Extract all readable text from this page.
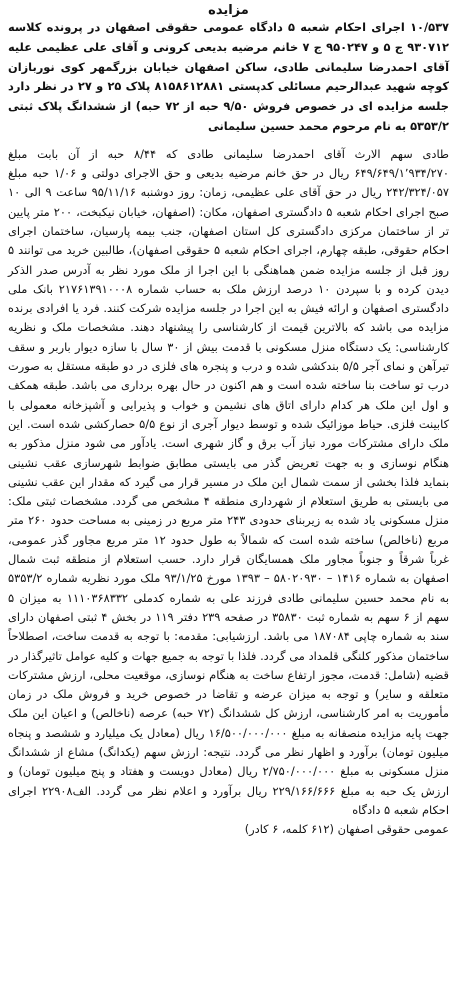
مزایده

۱۰/۵۳۷ اجرای احکام شعبه ۵ دادگاه عمومی حقوقی اصفهان در پرونده کلاسه ۹۳۰۷۱۲ ج ۵ و ۹۵۰۲۴۷ ج ۷ خانم مرضیه بدیعی کرونی و آقای علی عظیمی علیه آقای احمدرضا سلیمانی طادی، ساکن اصفهان خیابان بزرگمهر کوی نوربازان کوچه شهید عبدالرحیم مسائلی کدپستی ۸۱۵۸۶۱۲۸۸۱ پلاک ۲۵ و ۲۷ در نظر دارد جلسه مزایده ای در خصوص فروش ۹/۵۰ حبه از ۷۲ حبه) از ششدانگ پلاک ثبتی ۵۳۵۳/۲ به نام مرحوم محمد حسین سلیمانی

طادی سهم الارث آقای احمدرضا سلیمانی طادی که ۸/۴۴ حبه از آن بابت مبلغ ۶۴۹/۶۴۹/۱٬۹۳۴/۲۷۰ ریال در حق خانم مرضیه بدیعی و حق الاجرای دولتی و ۱/۰۶ حبه مبلغ ۲۴۲/۳۲۴/۰۵۷ ریال در حق آقای علی عظیمی، زمان: روز دوشنبه ۹۵/۱۱/۱۶ ساعت ۹ الی ۱۰ صبح اجرای احکام شعبه ۵ دادگستری اصفهان، مکان: (اصفهان، خیابان نیکبخت، ۲۰۰ متر پایین تر از ساختمان مرکزی دادگستری کل استان اصفهان، جنب بیمه پارسیان، ساختمان اجرای احکام حقوقی، طبقه چهارم، اجرای احکام شعبه ۵ حقوقی اصفهان)، طالبین خرید می توانند ۵ روز قبل از جلسه مزایده ضمن هماهنگی با این اجرا از ملک مورد نظر به آدرس صدر الذکر دیدن کرده و با سپردن ۱۰ درصد ارزش ملک به حساب شماره ۲۱۷۶۱۳۹۱۰۰۰۸ بانک ملی دادگستری اصفهان و ارائه فیش به این اجرا در جلسه مزایده شرکت کنند. فرد یا افرادی برنده مزایده می باشد که بالاترین قیمت از کارشناسی را پیشنهاد دهند. مشخصات ملک و نظریه کارشناسی: یک دستگاه منزل مسکونی با قدمت بیش از ۳۰ سال با سازه دیوار باربر و سقف تیرآهن و نمای آجر ۵/۵ بندکشی شده و درب و پنجره های فلزی در دو طبقه مستقل به صورت درب تو ساخت بنا ساخته شده است و هم اکنون در حال بهره برداری می باشد. طبقه همکف و اول این ملک هر کدام دارای اتاق های نشیمن و خواب و پذیرایی و آشپزخانه معمولی با کابینت فلزی. حیاط موزائیک شده و توسط دیوار آجری از نوع ۵/۵ حصارکشی شده است. این ملک دارای مشترکات مورد نیاز آب برق و گاز شهری است. یادآور می شود منزل مذکور به هنگام نوسازی و به جهت تعریض گذر می بایستی مطابق ضوابط شهرسازی عقب نشینی بنماید فلذا بخشی از سمت شمال این ملک در مسیر قرار می گیرد که مقدار این عقب نشینی می بایستی به طریق استعلام از شهرداری منطقه ۴ مشخص می گردد. مشخصات ثبتی ملک: منزل مسکونی یاد شده به زیربنای حدودی ۲۴۳ متر مربع در زمینی به مساحت حدود ۲۶۰ متر مربع (ناخالص) ساخته شده است که شمالاً به طول حدود ۱۲ متر مربع مجاور گذر عمومی، غرباً شرقاً و جنوباً مجاور ملک همسایگان قرار دارد. حسب استعلام از منطقه ثبت شمال اصفهان به شماره ۱۴۱۶ – ۵۸۰۲۰۹۳۰ – ۱۳۹۳ مورخ ۹۳/۱/۲۵ ملک مورد نظریه شماره ۵۳۵۳/۲ به نام محمد حسین سلیمانی طادی فرزند علی به شماره کدملی ۱۱۱۰۳۶۸۳۳۲ به میزان ۵ سهم از ۶ سهم به شماره ثبت ۳۵۸۳۰ در صفحه ۲۳۹ دفتر ۱۱۹ در بخش ۴ ثبتی اصفهان دارای سند به شماره چاپی ۱۸۷۰۸۴ می باشد. ارزشیابی: مقدمه: با توجه به قدمت ساخت، اصطلاحاً ساختمان مذکور کلنگی قلمداد می گردد. فلذا با توجه به جمیع جهات و کلیه عوامل تاثیرگذار در قضیه (شامل: قدمت، مجوز ارتفاع ساخت به هنگام نوسازی، موقعیت محلی، ارزش مشترکات متعلقه و سایر) و توجه به میزان عرضه و تقاضا در خصوص خرید و فروش ملک در زمان مأموریت به امر کارشناسی، ارزش کل ششدانگ (۷۲ حبه) عرصه (ناخالص) و اعیان این ملک جهت پایه مزایده منصفانه به مبلغ ۱۶/۵۰۰/۰۰۰/۰۰۰ ریال (معادل یک میلیارد و ششصد و پنجاه میلیون تومان) برآورد و اظهار نظر می گردد. نتیجه: ارزش سهم (یکدانگ) مشاع از ششدانگ منزل مسکونی به مبلغ ۲/۷۵۰/۰۰۰/۰۰۰ ریال (معادل دویست و هفتاد و پنج میلیون تومان) و ارزش یک حبه به مبلغ ۲۲۹/۱۶۶/۶۶۶ ریال برآورد و اعلام نظر می گردد. الف۲۲۹۰۸ اجرای احکام شعبه ۵ دادگاه

عمومی حقوقی اصفهان (۶۱۲ کلمه، ۶ کادر)
